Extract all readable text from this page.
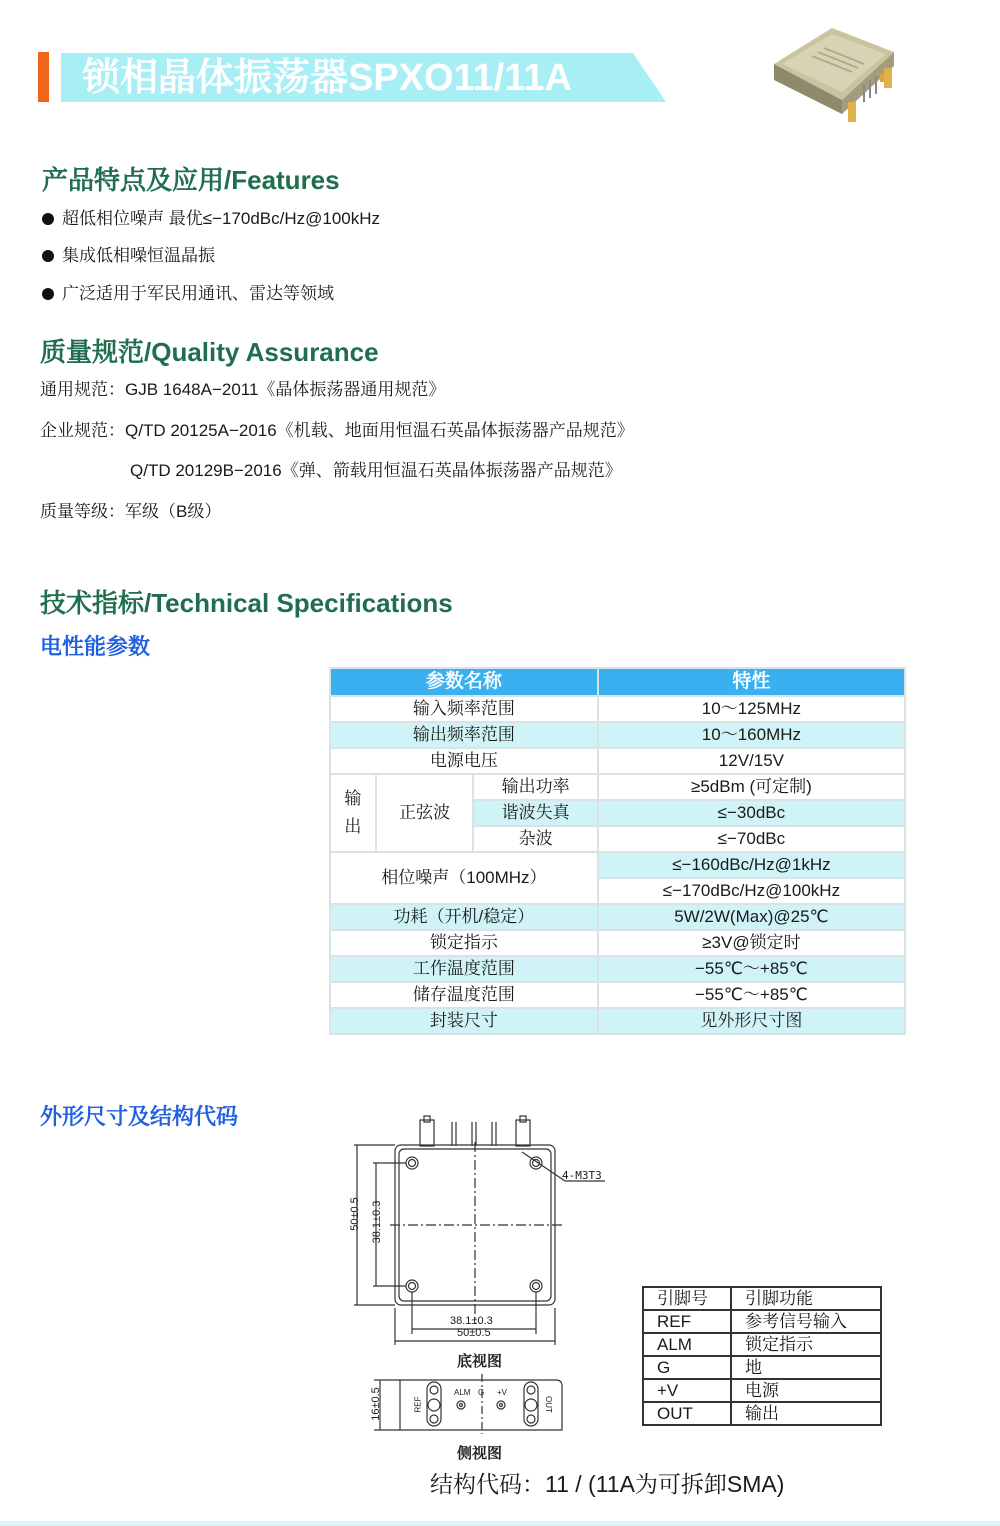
锁相晶体振荡器SPXO11/11A
产品特点及应用/Features
超低相位噪声 最优≤−170dBc/Hz@100kHz
集成低相噪恒温晶振
广泛适用于军民用通讯、雷达等领域
质量规范/Quality Assurance
通用规范：GJB 1648A−2011《晶体振荡器通用规范》
企业规范：Q/TD 20125A−2016《机载、地面用恒温石英晶体振荡器产品规范》
Q/TD 20129B−2016《弹、箭载用恒温石英晶体振荡器产品规范》
质量等级：军级（B级）
技术指标/Technical Specifications
电性能参数
参数名称			特性
输入频率范围			10～125MHz
输出频率范围			10～160MHz
电源电压			12V/15V
输出	正弦波	输出功率	≥5dBm (可定制)
		谐波失真	≤−30dBc
		杂波	≤−70dBc
相位噪声（100MHz）			≤−160dBc/Hz@1kHz
			≤−170dBc/Hz@100kHz
功耗（开机/稳定）			5W/2W(Max)@25℃
锁定指示			≥3V@锁定时
工作温度范围			−55℃～+85℃
储存温度范围			−55℃～+85℃
封装尺寸			见外形尺寸图
外形尺寸及结构代码
50±0.5 38.1±0.3
38.1±0.3
50±0.5
4-M3T3
底视图
16±0.5	REF
ALM G +V
OUT
侧视图
引脚号	引脚功能
REF	参考信号输入
ALM	锁定指示
G	地
+V	电源
OUT	输出
结构代码：11 / (11A为可拆卸SMA)
